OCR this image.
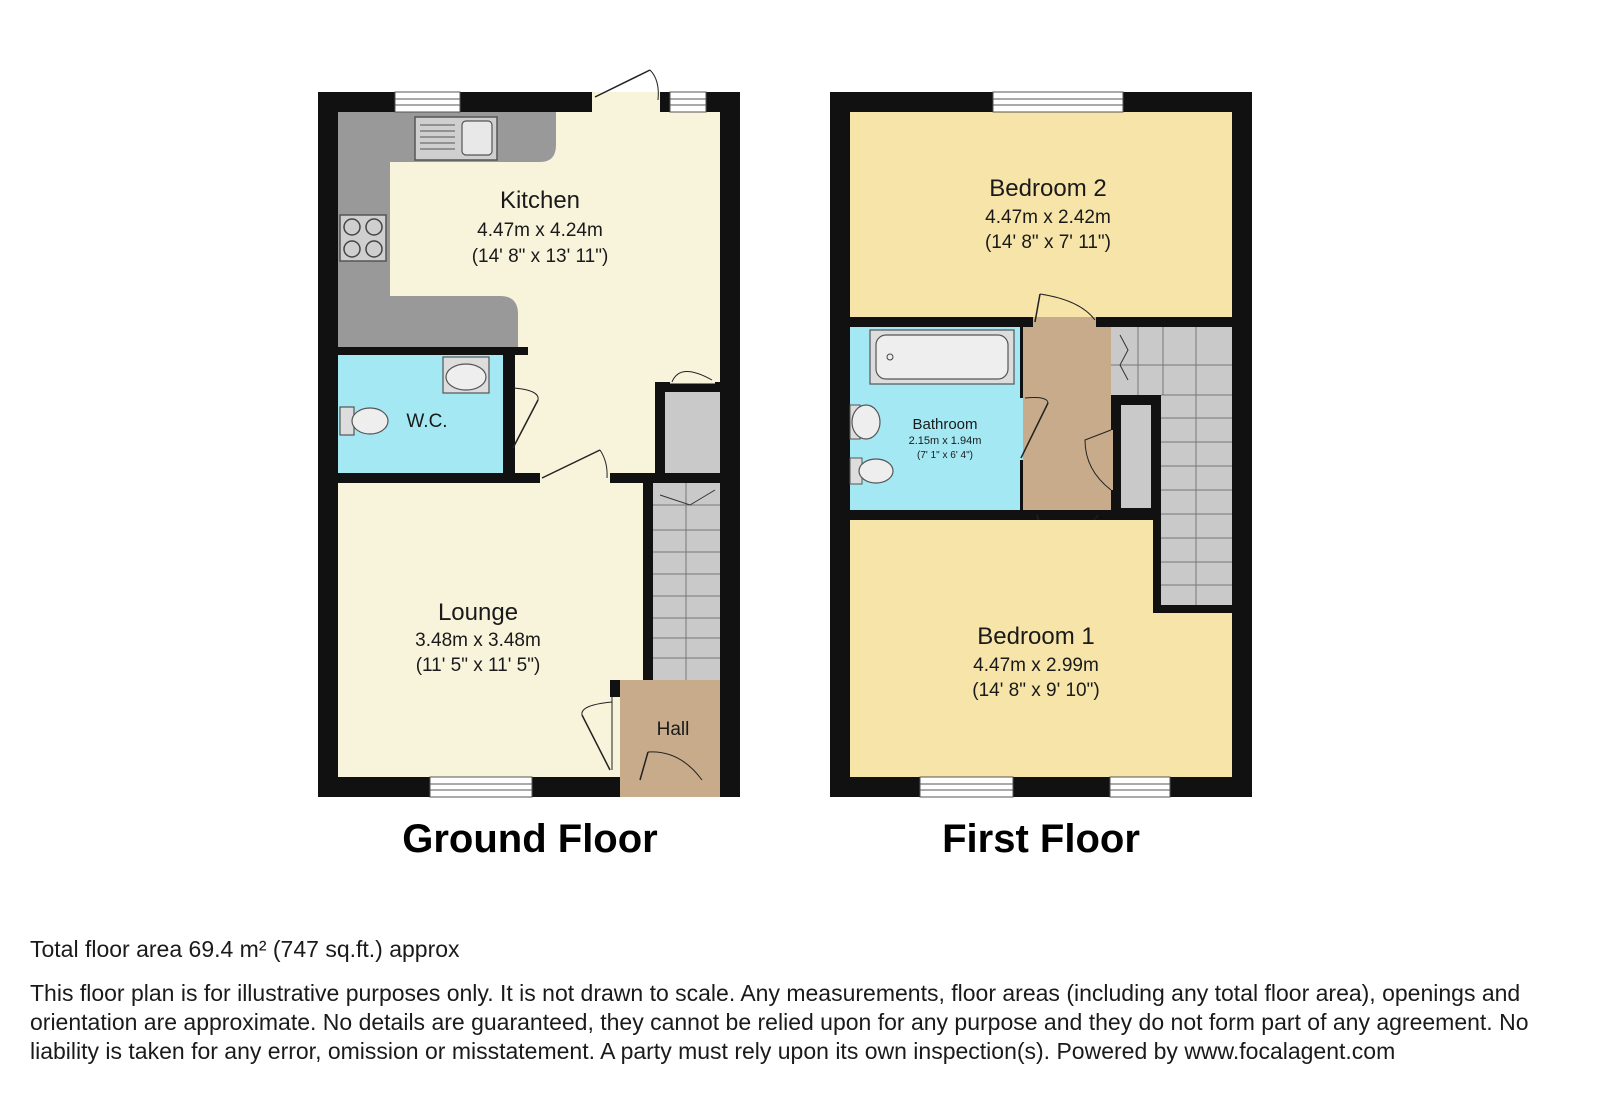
Kitchen
4.47m x 4.24m
(14' 8" x 13' 11")
W.C.
Lounge
3.48m x 3.48m
(11' 5" x 11' 5")
Hall
Ground Floor
Bedroom 2
4.47m x 2.42m
(14' 8" x 7' 11")
Bathroom
2.15m x 1.94m
(7' 1" x 6' 4")
Bedroom 1
4.47m x 2.99m
(14' 8" x 9' 10")
First Floor

Total floor area 69.4 m² (747 sq.ft.) approx

This floor plan is for illustrative purposes only. It is not drawn to scale. Any measurements, floor areas (including any total floor area), openings and orientation are approximate. No details are guaranteed, they cannot be relied upon for any purpose and they do not form part of any agreement. No liability is taken for any error, omission or misstatement. A party must rely upon its own inspection(s). Powered by www.focalagent.com
